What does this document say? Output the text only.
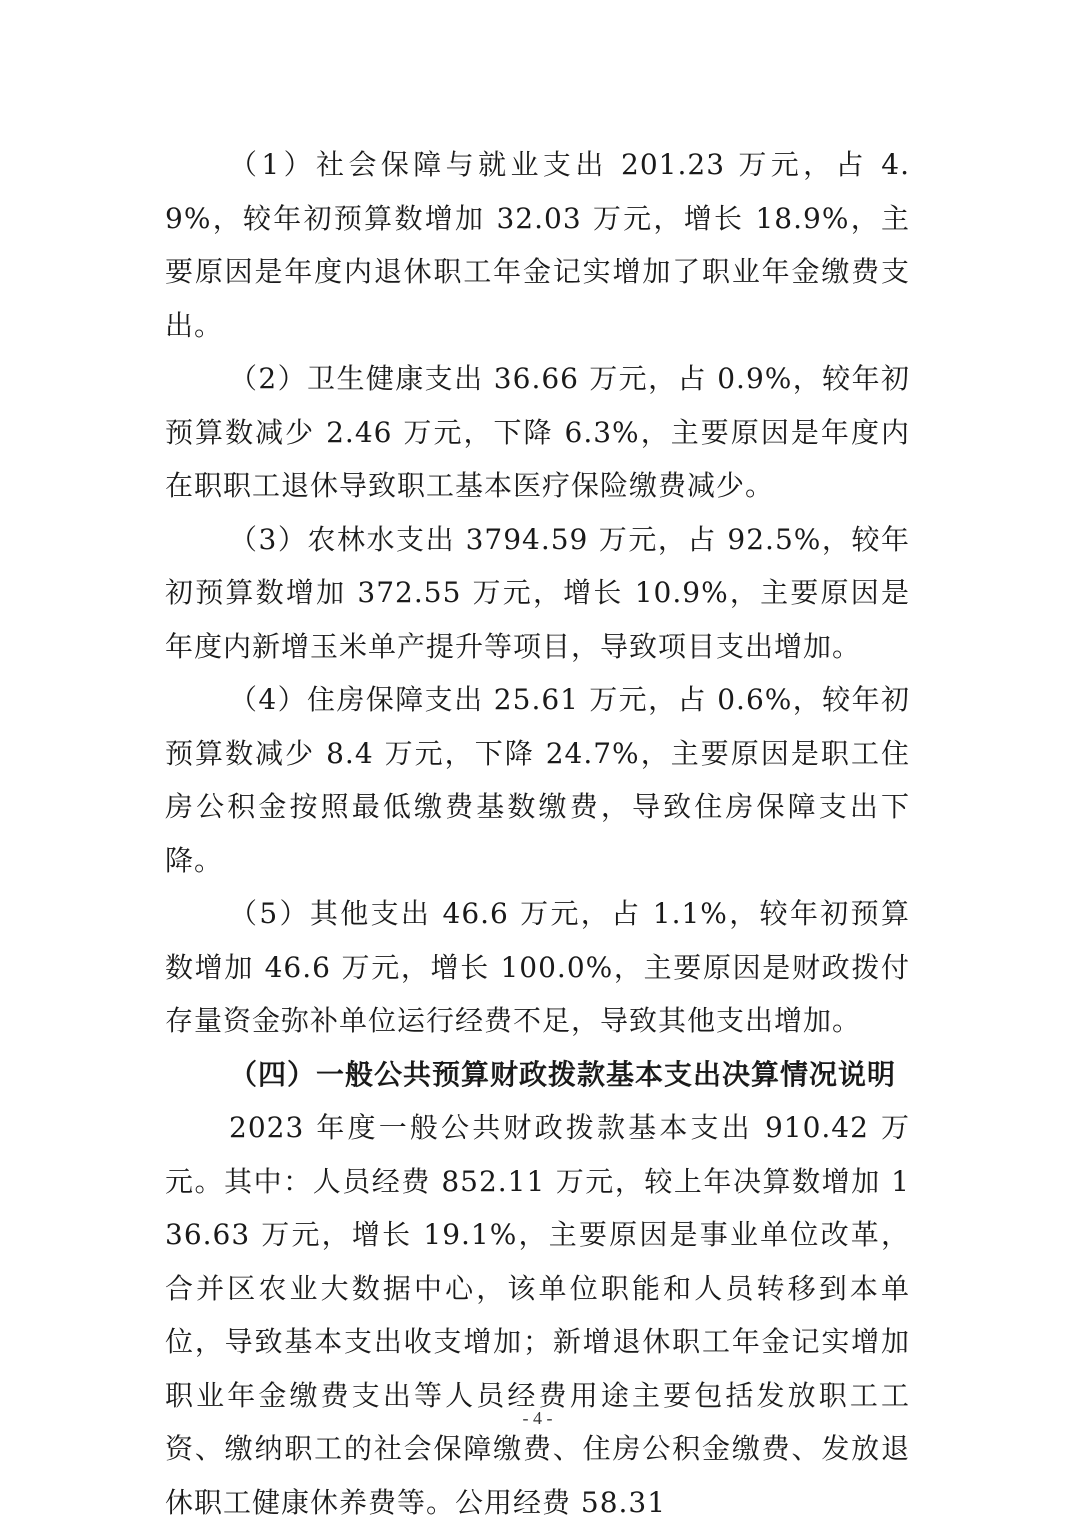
（1）社会保障与就业支出 201.23 万元，占 4.9%，较年初预算数增加 32.03 万元，增长 18.9%，主要原因是年度内退休职工年金记实增加了职业年金缴费支出。

（2）卫生健康支出 36.66 万元，占 0.9%，较年初预算数减少 2.46 万元，下降 6.3%，主要原因是年度内在职职工退休导致职工基本医疗保险缴费减少。

（3）农林水支出 3794.59 万元，占 92.5%，较年初预算数增加 372.55 万元，增长 10.9%，主要原因是年度内新增玉米单产提升等项目，导致项目支出增加。

（4）住房保障支出 25.61 万元，占 0.6%，较年初预算数减少 8.4 万元，下降 24.7%，主要原因是职工住房公积金按照最低缴费基数缴费，导致住房保障支出下降。

（5）其他支出 46.6 万元，占 1.1%，较年初预算数增加 46.6 万元，增长 100.0%，主要原因是财政拨付存量资金弥补单位运行经费不足，导致其他支出增加。

（四）一般公共预算财政拨款基本支出决算情况说明

2023 年度一般公共财政拨款基本支出 910.42 万元。其中：人员经费 852.11 万元，较上年决算数增加 136.63 万元，增长 19.1%，主要原因是事业单位改革，合并区农业大数据中心，该单位职能和人员转移到本单位，导致基本支出收支增加；新增退休职工年金记实增加职业年金缴费支出等人员经费用途主要包括发放职工工资、缴纳职工的社会保障缴费、住房公积金缴费、发放退休职工健康休养费等。公用经费 58.31

- 4 -
